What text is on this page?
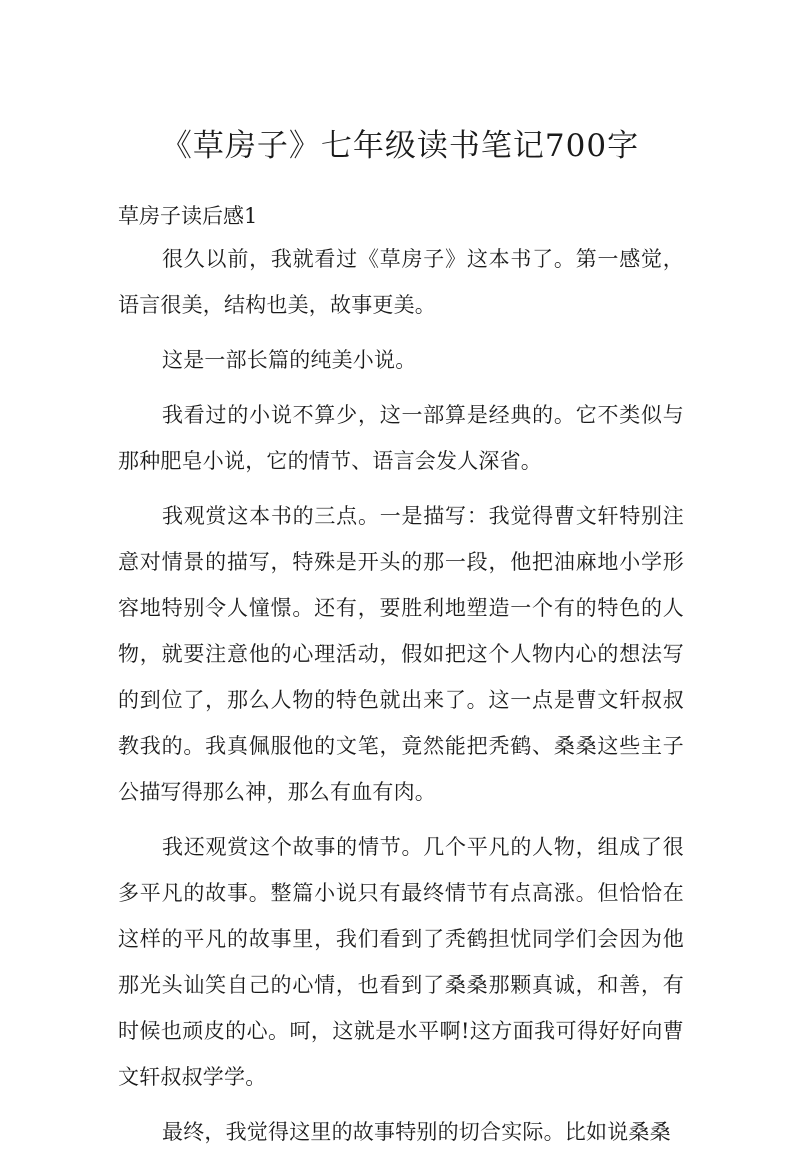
《草房子》七年级读书笔记700字
草房子读后感1

很久以前，我就看过《草房子》这本书了。第一感觉，语言很美，结构也美，故事更美。

这是一部长篇的纯美小说。

我看过的小说不算少，这一部算是经典的。它不类似与那种肥皂小说，它的情节、语言会发人深省。

我观赏这本书的三点。一是描写：我觉得曹文轩特别注意对情景的描写，特殊是开头的那一段，他把油麻地小学形容地特别令人憧憬。还有，要胜利地塑造一个有的特色的人物，就要注意他的心理活动，假如把这个人物内心的想法写的到位了，那么人物的特色就出来了。这一点是曹文轩叔叔教我的。我真佩服他的文笔，竟然能把秃鹤、桑桑这些主子公描写得那么神，那么有血有肉。

我还观赏这个故事的情节。几个平凡的人物，组成了很多平凡的故事。整篇小说只有最终情节有点高涨。但恰恰在这样的平凡的故事里，我们看到了秃鹤担忧同学们会因为他那光头讪笑自己的心情，也看到了桑桑那颗真诚，和善，有时候也顽皮的心。呵，这就是水平啊!这方面我可得好好向曹文轩叔叔学学。

最终，我觉得这里的故事特别的切合实际。比如说桑桑
